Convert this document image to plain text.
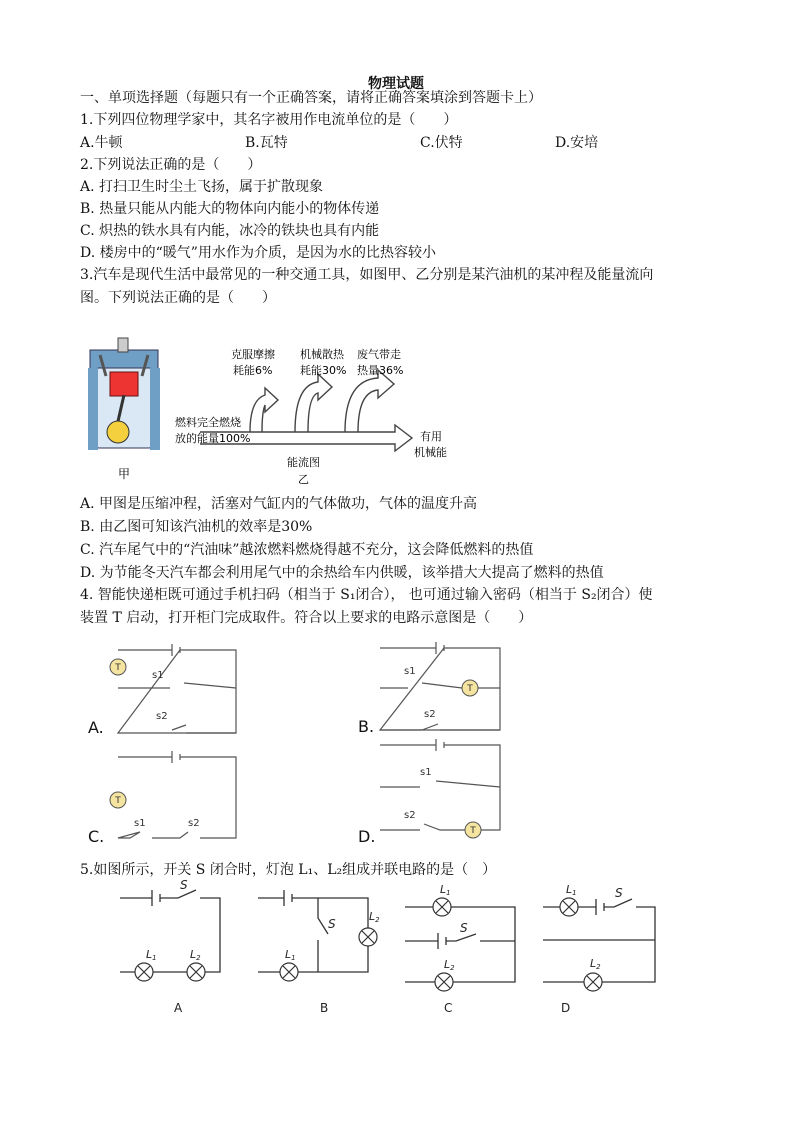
物理试题
一、单项选择题（每题只有一个正确答案，请将正确答案填涂到答题卡上）
1.下列四位物理学家中，其名字被用作电流单位的是（　　）
A.牛顿	B.瓦特	C.伏特	D.安培
2.下列说法正确的是（　　）
A. 打扫卫生时尘土飞扬，属于扩散现象
B. 热量只能从内能大的物体向内能小的物体传递
C. 炽热的铁水具有内能，冰冷的铁块也具有内能
D. 楼房中的“暖气”用水作为介质，是因为水的比热容较小
3.汽车是现代生活中最常见的一种交通工具，如图甲、乙分别是某汽油机的某冲程及能量流向
图。下列说法正确的是（　　）
甲
克服摩擦
耗能6%
机械散热
耗能30%
废气带走
热量36%
燃料完全燃烧
放的能量100%	有用
机械能
能流图
乙
A. 甲图是压缩冲程，活塞对气缸内的气体做功，气体的温度升高
B. 由乙图可知该汽油机的效率是30%
C. 汽车尾气中的“汽油味”越浓燃料燃烧得越不充分，这会降低燃料的热值
D. 为节能冬天汽车都会利用尾气中的余热给车内供暖，该举措大大提高了燃料的热值
4. 智能快递柜既可通过手机扫码（相当于 S₁闭合）， 也可通过输入密码（相当于 S₂闭合）使
装置 T 启动，打开柜门完成取件。符合以上要求的电路示意图是（　　）
T
T
T
T
s1
s2
s1
s2
s1	s2
s1
s2
A.	B.
C.	D.
5.如图所示，开关 S 闭合时，灯泡 L₁、L₂组成并联电路的是（　）
S
S	S
S
L1	L2	L1
L2
L1
L2
L1
L2
A	B	C	D
